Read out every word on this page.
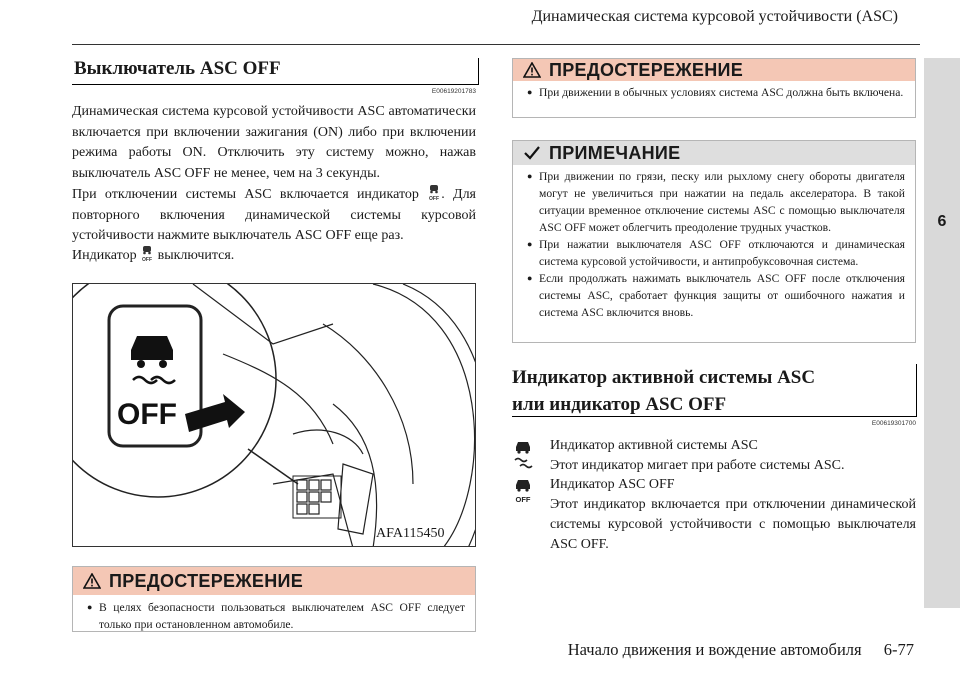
Динамическая система курсовой устойчивости (ASC)
6
Выключатель ASC OFF
E00619201783
Динамическая система курсовой устойчивости ASC автоматически включается при включении зажигания (ON) либо при включении режима работы ON. Отключить эту систему можно, нажав выключатель ASC OFF не менее, чем на 3 секунды.
При отключении системы ASC включается индикатор OFF . Для повторного включения динамической системы курсовой устойчивости нажмите выключатель ASC OFF еще раз.
Индикатор OFF выключится.
OFF
AFA115450
ПРЕДОСТЕРЕЖЕНИЕ

● В целях безопасности пользоваться выключателем ASC OFF следует только при остановленном автомобиле.

ПРЕДОСТЕРЕЖЕНИЕ

● При движении в обычных условиях система ASC должна быть включена.

ПРИМЕЧАНИЕ

● При движении по грязи, песку или рыхлому снегу обороты двигателя могут не увеличиться при нажатии на педаль акселератора. В такой ситуации временное отключение системы ASC с помощью выключателя ASC OFF может облегчить преодоление трудных участков.

● При нажатии выключателя ASC OFF отключаются и динамическая система курсовой устойчивости, и антипробуксовочная система.

● Если продолжать нажимать выключатель ASC OFF после отключения системы ASC, сработает функция защиты от ошибочного нажатия и система ASC включится вновь.

Индикатор активной системы ASC
или индикатор ASC OFF
E00619301700
Индикатор активной системы ASC
Этот индикатор мигает при работе системы ASC.
OFF
Индикатор ASC OFF
Этот индикатор включается при отключении динамической системы курсовой устойчивости с помощью выключателя ASC OFF.
Начало движения и вождение автомобиля 6-77
